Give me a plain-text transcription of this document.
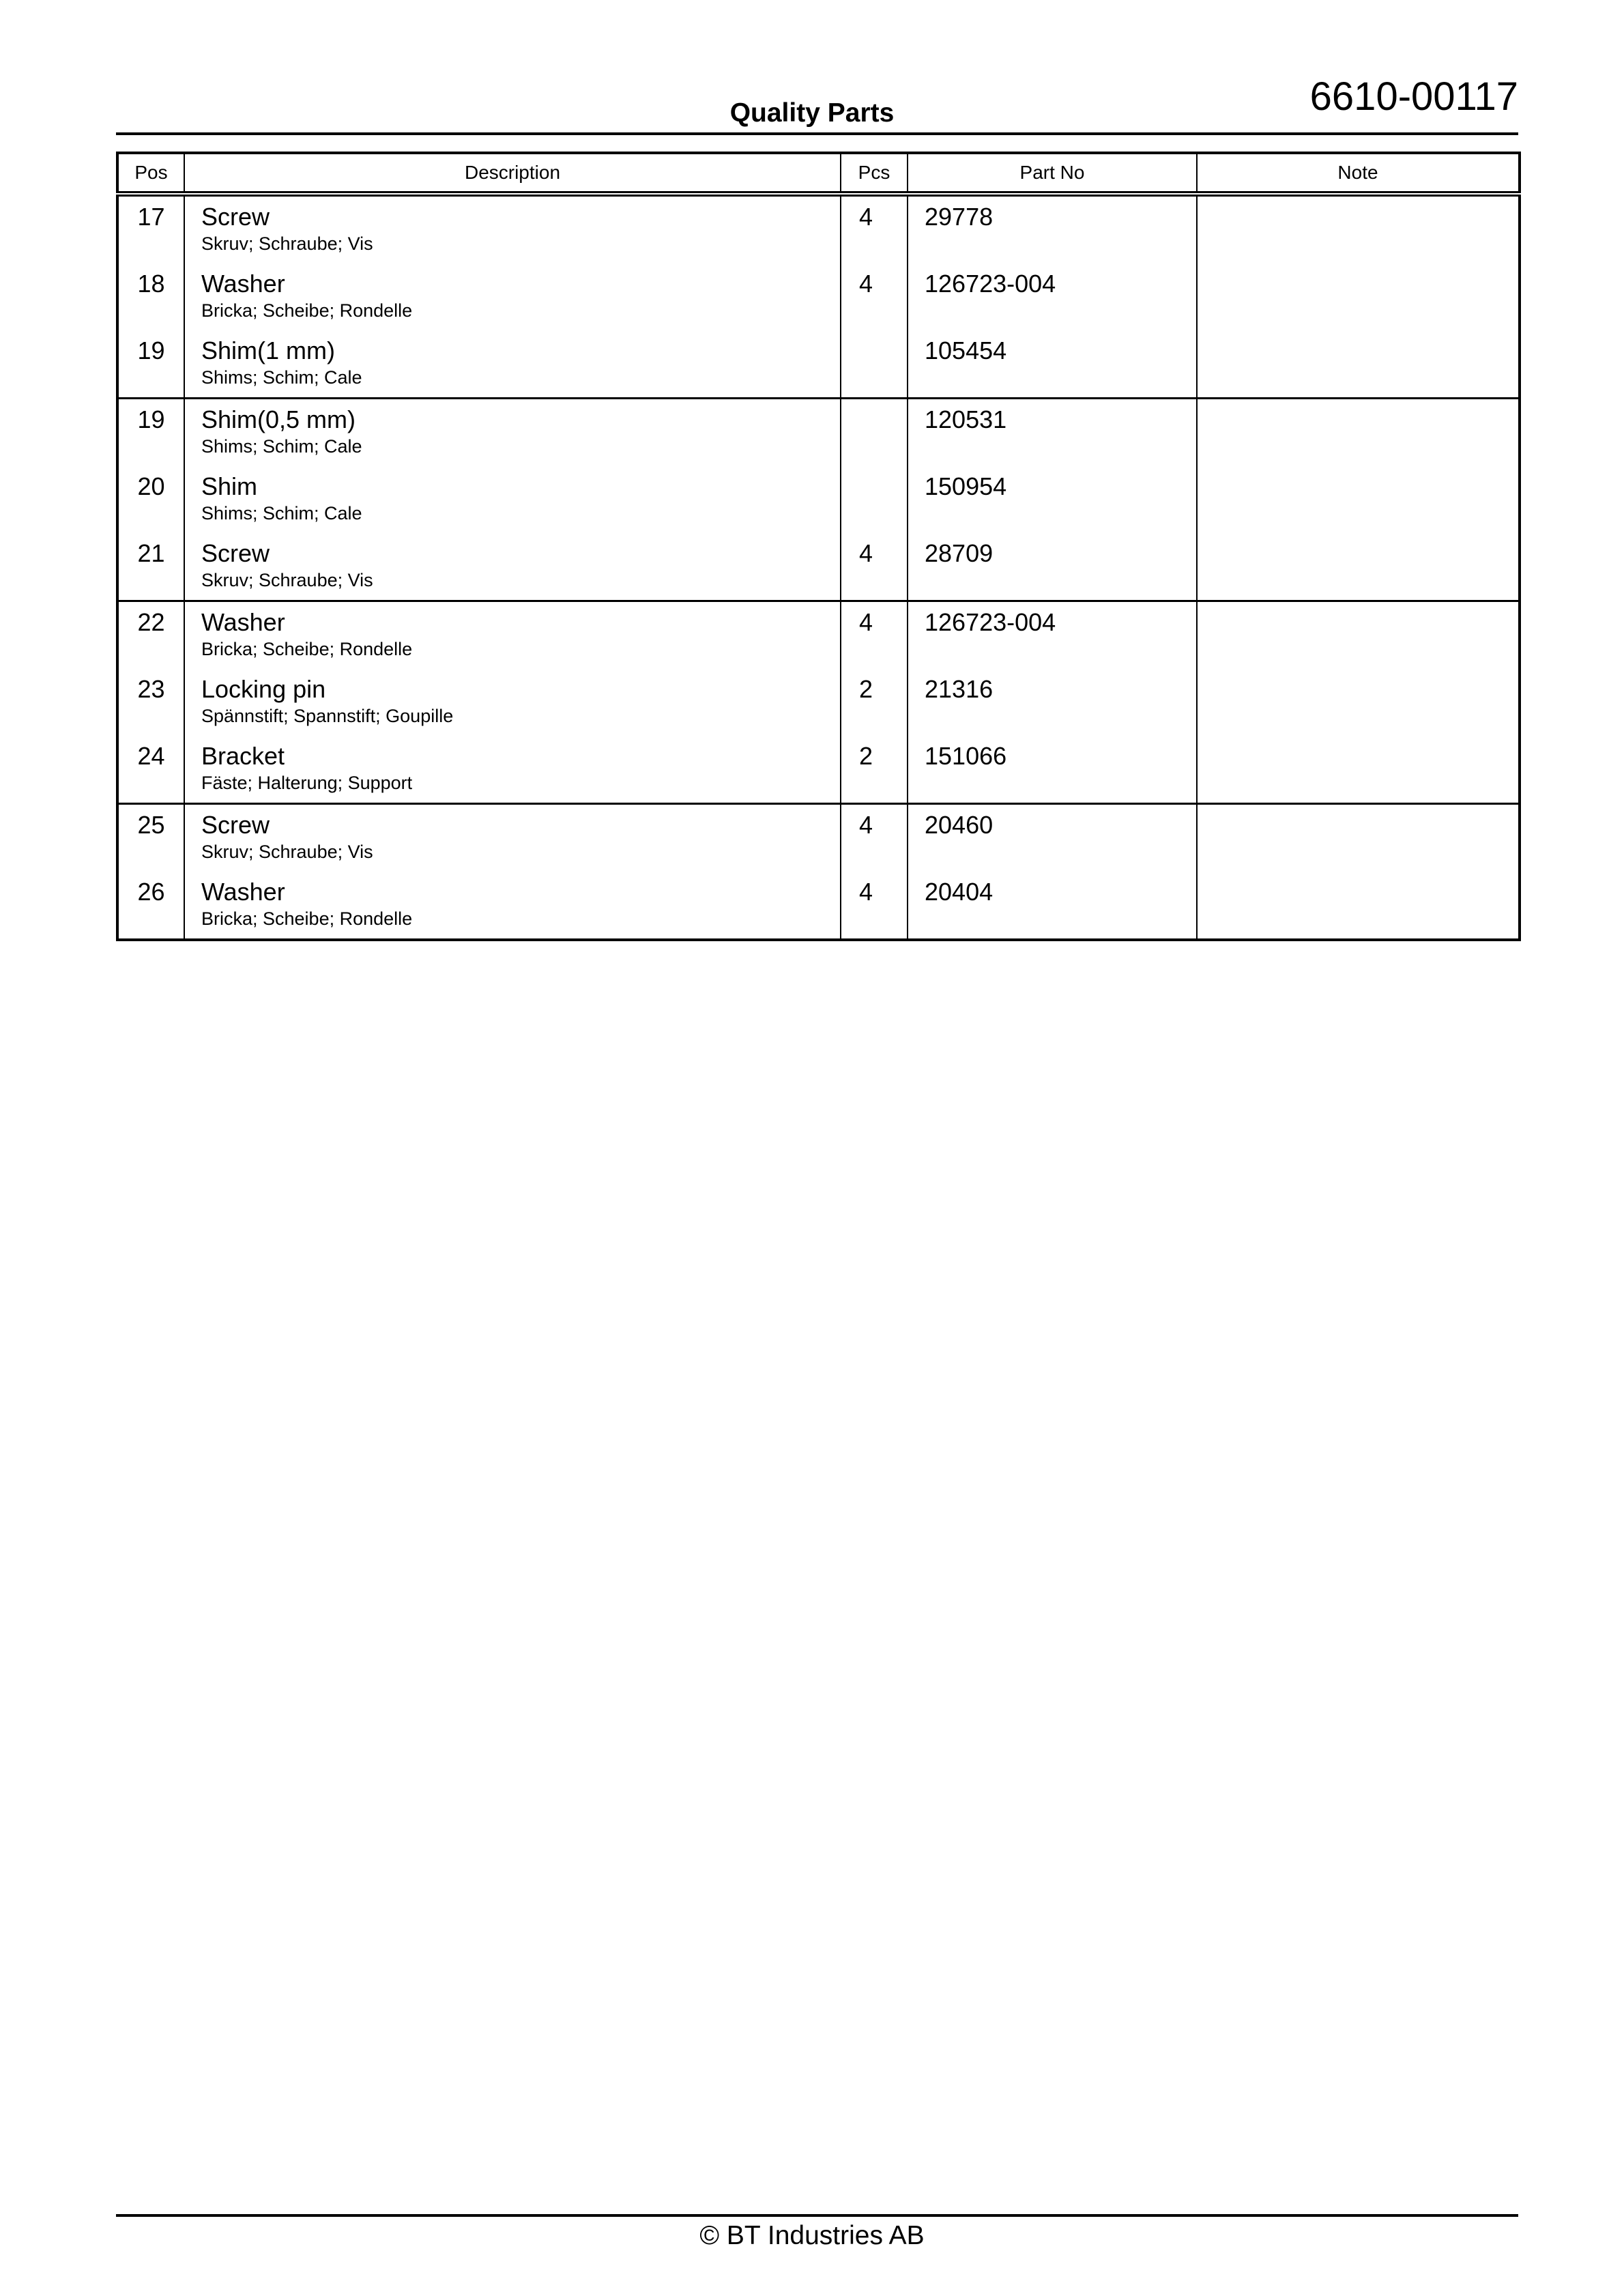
6610-00117
Quality Parts
Pos	Description	Pcs	Part No	Note
17	Screw
Skruv; Schraube; Vis	4	29778	
18	Washer
Bricka; Scheibe; Rondelle	4	126723-004	
19	Shim(1 mm)
Shims; Schim; Cale		105454	
19	Shim(0,5 mm)
Shims; Schim; Cale		120531	
20	Shim
Shims; Schim; Cale		150954	
21	Screw
Skruv; Schraube; Vis	4	28709	
22	Washer
Bricka; Scheibe; Rondelle	4	126723-004	
23	Locking pin
Spännstift; Spannstift; Goupille	2	21316	
24	Bracket
Fäste; Halterung; Support	2	151066	
25	Screw
Skruv; Schraube; Vis	4	20460	
26	Washer
Bricka; Scheibe; Rondelle	4	20404	
© BT Industries AB
